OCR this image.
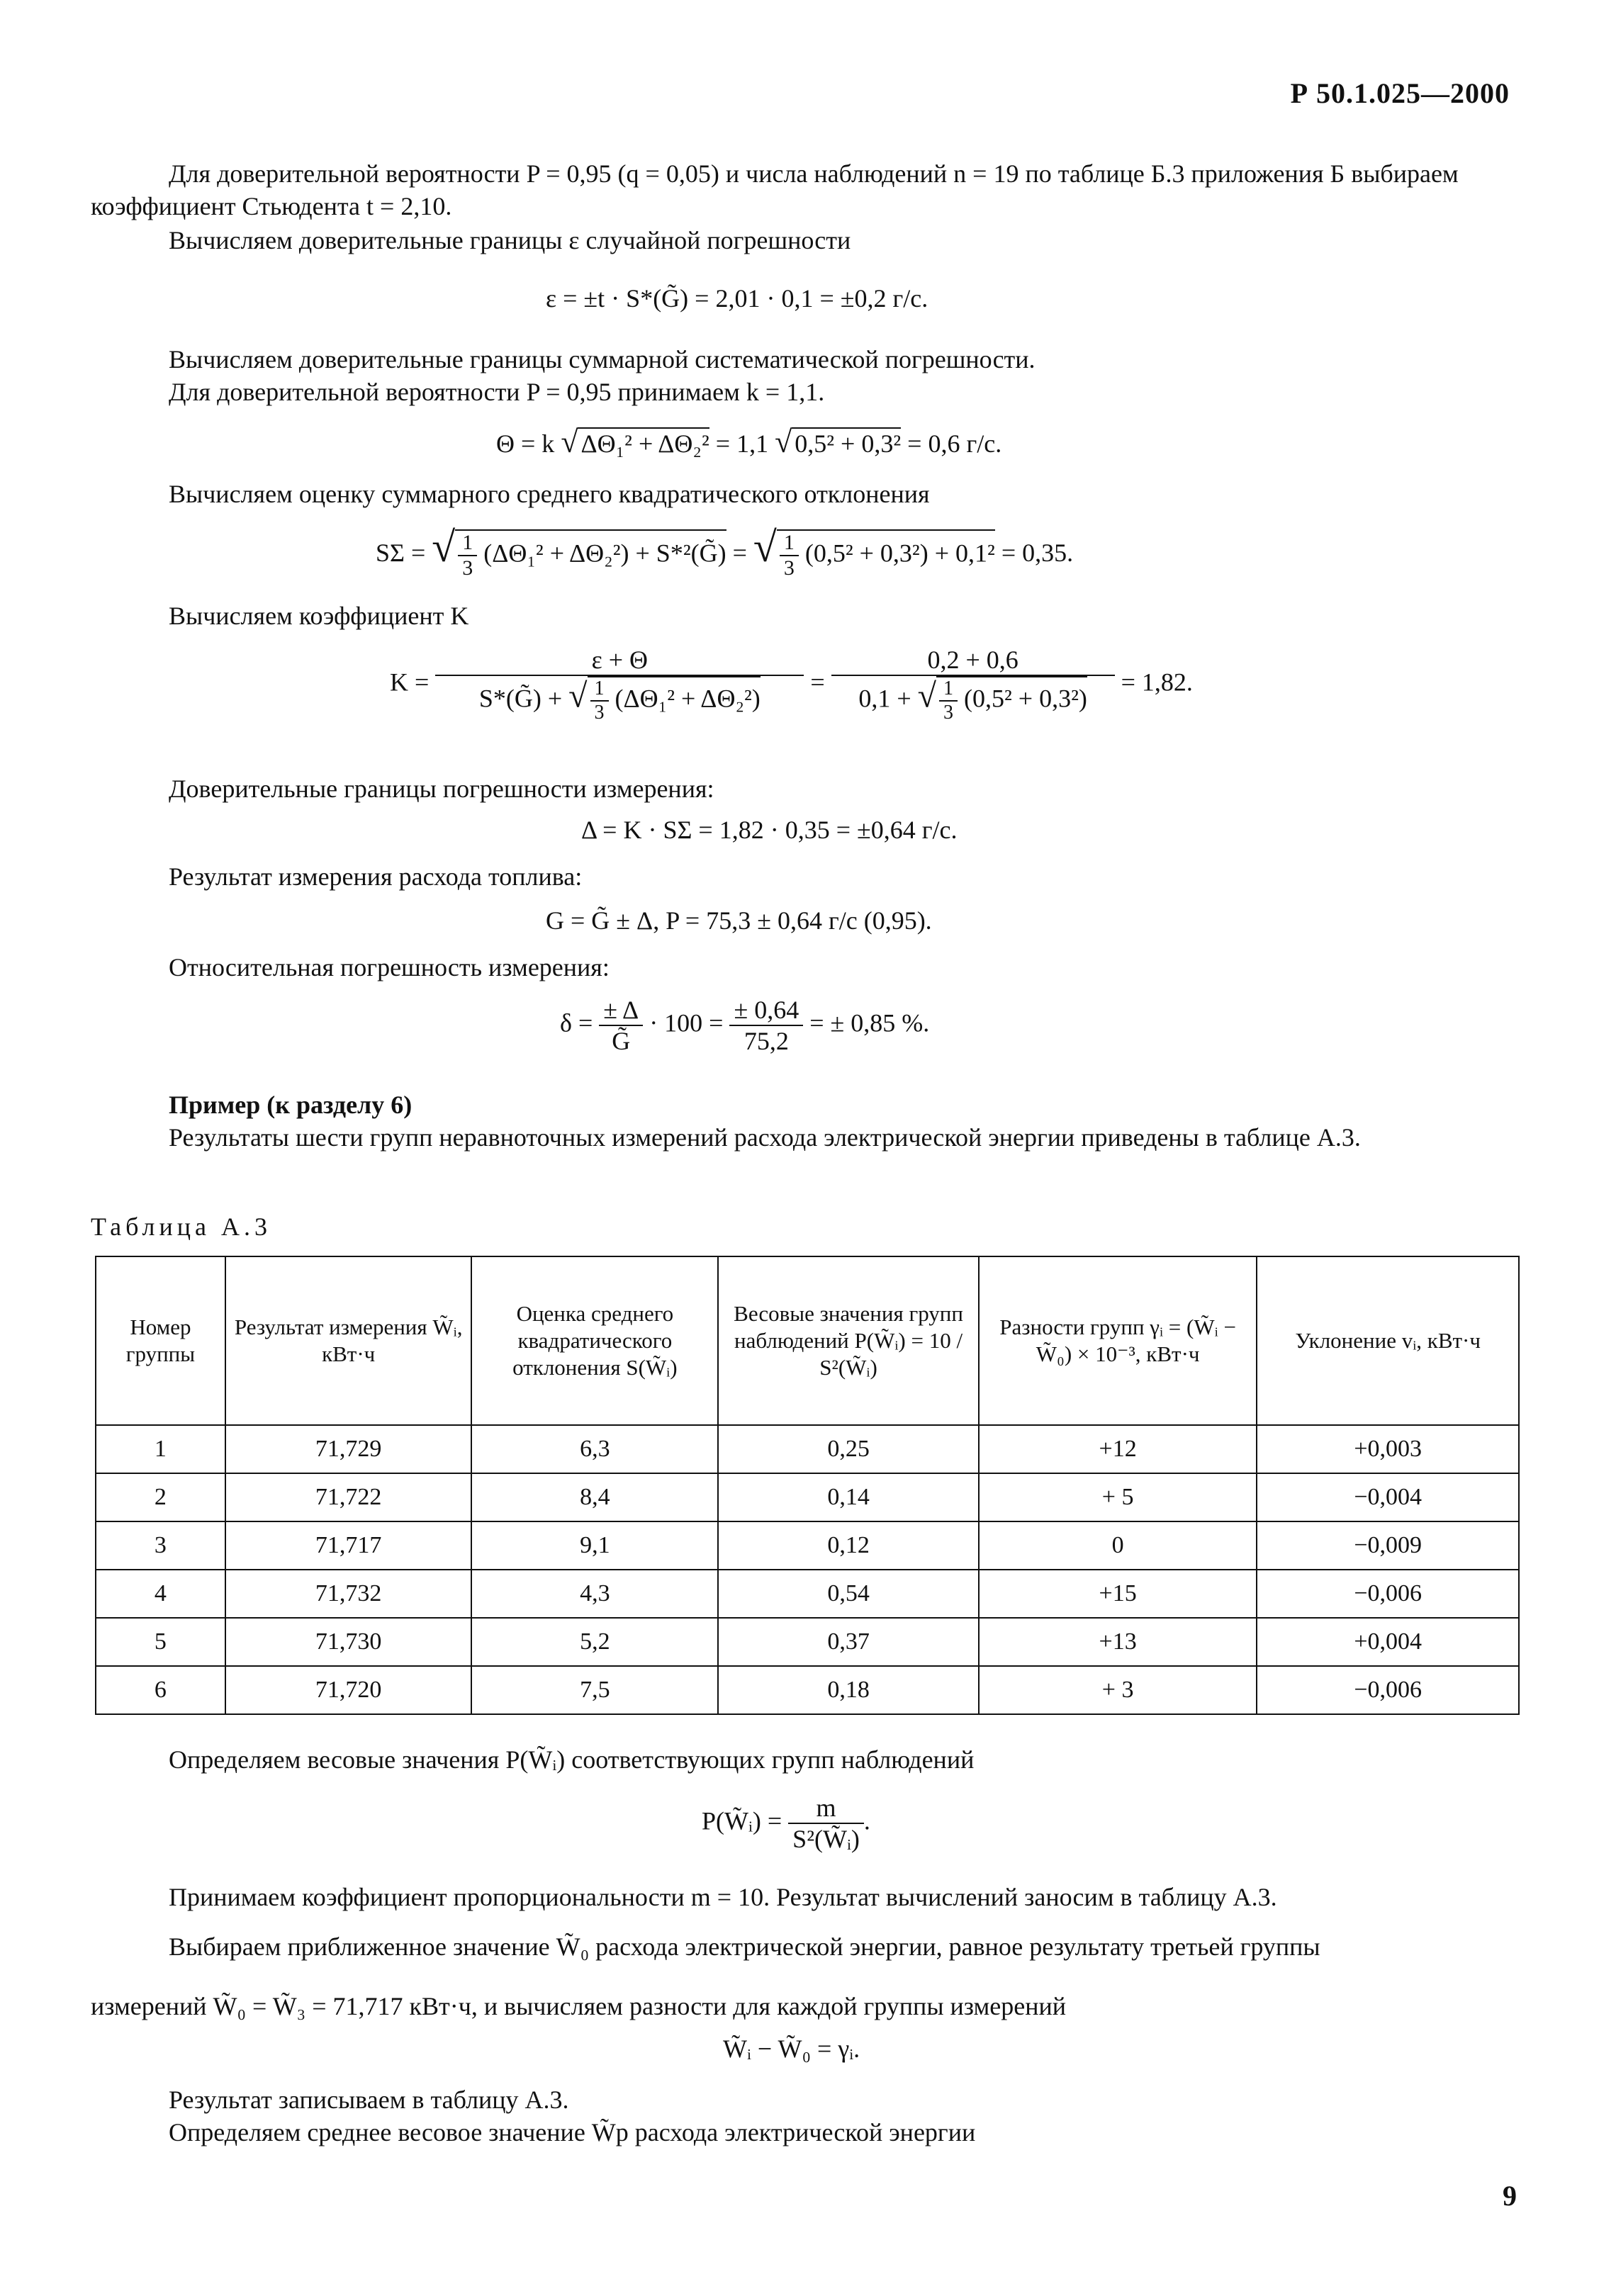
Р 50.1.025—2000
Для доверительной вероятности P = 0,95 (q = 0,05) и числа наблюдений n = 19 по таблице Б.3 приложения Б выбираем коэффициент Стьюдента t = 2,10.
Вычисляем доверительные границы ε случайной погрешности
ε = ±t · S*(G̃) = 2,01 · 0,1 = ±0,2 г/с.
Вычисляем доверительные границы суммарной систематической погрешности.
Для доверительной вероятности P = 0,95 принимаем k = 1,1.
Θ = k √ ΔΘ₁² + ΔΘ₂² = 1,1 √ 0,5² + 0,3² = 0,6 г/с.
Вычисляем оценку суммарного среднего квадратического отклонения
SΣ = √ $\frac{1}{3} (\Delta\Theta_1^2 + \Delta\Theta_2^2)$ + S*²(G̃) = √ $\frac{1}{3} (0,5^2 + 0,3^2) + 0,1^2 = 0,35$.
Вычисляем коэффициент K
$K = \frac{\varepsilon + \Theta}{S*(G̃) + √ \frac{1}{3} (\Delta\Theta_1^2 + \Delta\Theta_2^2)} = \frac{0,2 + 0,6}{0,1 + √ \frac{1}{3} (0,5^2 + 0,3^2)} = 1,82$.
Доверительные границы погрешности измерения:
Δ = K · SΣ = 1,82 · 0,35 = ±0,64 г/с.
Результат измерения расхода топлива:
G = G̃ ± Δ, P = 75,3 ± 0,64 г/с (0,95).
Относительная погрешность измерения:
$\delta = \frac{\pm \Delta}{G̃} \cdot 100 = \frac{\pm 0,64}{75,2}$ = ± 0,85 %.
Пример (к разделу 6)
Результаты шести групп неравноточных измерений расхода электрической энергии приведены в таблице А.3.
Таблица А.3
Номер группы	Результат измерения W̃ᵢ, кВт·ч	Оценка среднего квадратического отклонения S(W̃ᵢ)	Весовые значения групп наблюдений P(W̃ᵢ) = 10 / S²(W̃ᵢ)	Разности групп γᵢ = (W̃ᵢ − W̃₀) × 10⁻³, кВт·ч	Уклонение vᵢ, кВт·ч
1	71,729	6,3	0,25	+12	+0,003
2	71,722	8,4	0,14	+ 5	−0,004
3	71,717	9,1	0,12	0	−0,009
4	71,732	4,3	0,54	+15	−0,006
5	71,730	5,2	0,37	+13	+0,004
6	71,720	7,5	0,18	+ 3	−0,006
Определяем весовые значения P(W̃ᵢ) соответствующих групп наблюдений
P(W̃ᵢ) = $\frac{m}{\text{S²(W̃ᵢ)}}$ .
Принимаем коэффициент пропорциональности m = 10. Результат вычислений заносим в таблицу А.3.
Выбираем приближенное значение W̃₀ расхода электрической энергии, равное результату третьей группы
измерений W̃₀ = W̃₃ = 71,717 кВт·ч, и вычисляем разности для каждой группы измерений
W̃ᵢ − W̃₀ = γᵢ.
Результат записываем в таблицу А.3.
Определяем среднее весовое значение W̃p расхода электрической энергии
9
